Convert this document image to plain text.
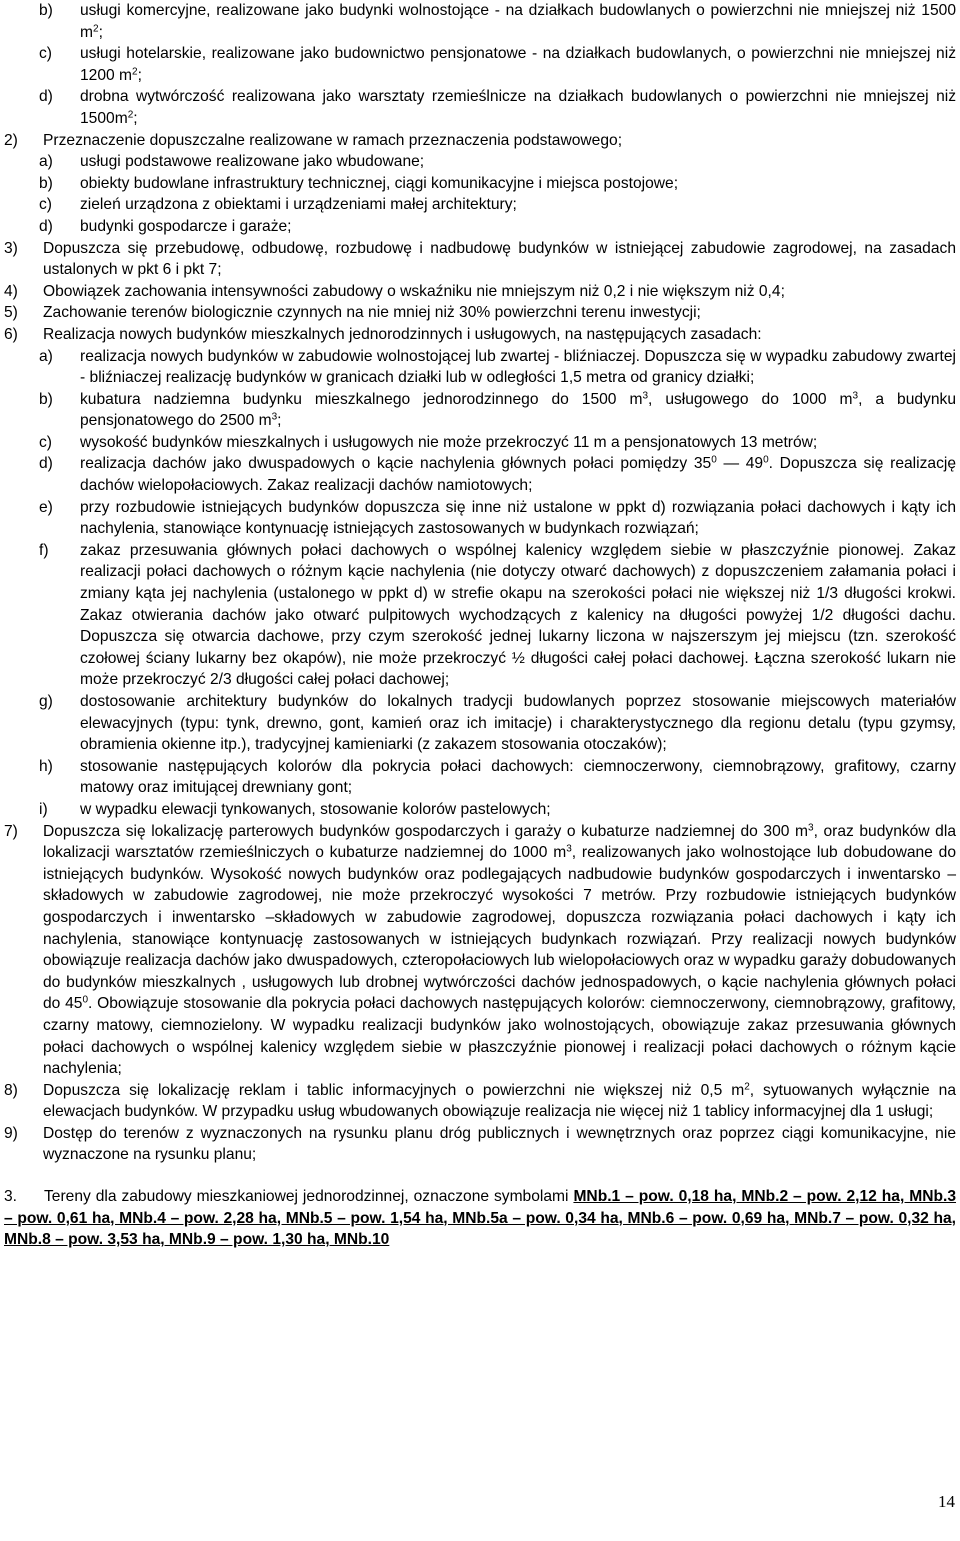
b) usługi komercyjne, realizowane jako budynki wolnostojące - na działkach budowlanych o powierzchni nie mniejszej niż 1500 $m^2$;
c) usługi hotelarskie, realizowane jako budownictwo pensjonatowe - na działkach budowlanych, o powierzchni nie mniejszej niż 1200 $m^2$;
d) drobna wytwórczość realizowana jako warsztaty rzemieślnicze na działkach budowlanych o powierzchni nie mniejszej niż $1500m^2$;
2) Przeznaczenie dopuszczalne realizowane w ramach przeznaczenia podstawowego;
a) usługi podstawowe realizowane jako wbudowane;
b) obiekty budowlane infrastruktury technicznej, ciągi komunikacyjne i miejsca postojowe;
c) zieleń urządzona z obiektami i urządzeniami małej architektury;
d) budynki gospodarcze i garaże;
3) Dopuszcza się przebudowę, odbudowę, rozbudowę i nadbudowę budynków w istniejącej zabudowie zagrodowej, na zasadach ustalonych w pkt 6 i pkt 7;
4) Obowiązek zachowania intensywności zabudowy o wskaźniku nie mniejszym niż 0,2 i nie większym niż 0,4;
5) Zachowanie terenów biologicznie czynnych na nie mniej niż 30% powierzchni terenu inwestycji;
6) Realizacja nowych budynków mieszkalnych jednorodzinnych i usługowych, na następujących zasadach:
a) realizacja nowych budynków w zabudowie wolnostojącej lub zwartej - bliźniaczej. Dopuszcza się w wypadku zabudowy zwartej - bliźniaczej realizację budynków w granicach działki lub w odległości 1,5 metra od granicy działki;
b) kubatura nadziemna budynku mieszkalnego jednorodzinnego do 1500 $m^3$, usługowego do 1000 $m^3$, a budynku pensjonatowego do 2500 $m^3$;
c) wysokość budynków mieszkalnych i usługowych nie może przekroczyć 11 m a pensjonatowych 13 metrów;
d) realizacja dachów jako dwuspadowych o kącie nachylenia głównych połaci pomiędzy $35^0$ — $49^0$. Dopuszcza się realizację dachów wielopołaciowych. Zakaz realizacji dachów namiotowych;
e) przy rozbudowie istniejących budynków dopuszcza się inne niż ustalone w ppkt d) rozwiązania połaci dachowych i kąty ich nachylenia, stanowiące kontynuację istniejących zastosowanych w budynkach rozwiązań;
f) zakaz przesuwania głównych połaci dachowych o wspólnej kalenicy względem siebie w płaszczyźnie pionowej. Zakaz realizacji połaci dachowych o różnym kącie nachylenia (nie dotyczy otwarć dachowych) z dopuszczeniem załamania połaci i zmiany kąta jej nachylenia (ustalonego w ppkt d) w strefie okapu na szerokości połaci nie większej niż 1/3 długości krokwi. Zakaz otwierania dachów jako otwarć pulpitowych wychodzących z kalenicy na długości powyżej 1/2 długości dachu. Dopuszcza się otwarcia dachowe, przy czym szerokość jednej lukarny liczona w najszerszym jej miejscu (tzn. szerokość czołowej ściany lukarny bez okapów), nie może przekroczyć ½ długości całej połaci dachowej. Łączna szerokość lukarn nie może przekroczyć 2/3 długości całej połaci dachowej;
g) dostosowanie architektury budynków do lokalnych tradycji budowlanych poprzez stosowanie miejscowych materiałów elewacyjnych (typu: tynk, drewno, gont, kamień oraz ich imitacje) i charakterystycznego dla regionu detalu (typu gzymsy, obramienia okienne itp.), tradycyjnej kamieniarki (z zakazem stosowania otoczaków);
h) stosowanie następujących kolorów dla pokrycia połaci dachowych: ciemnoczerwony, ciemnobrązowy, grafitowy, czarny matowy oraz imitującej drewniany gont;
i) w wypadku elewacji tynkowanych, stosowanie kolorów pastelowych;
7) Dopuszcza się lokalizację parterowych budynków gospodarczych i garaży o kubaturze nadziemnej do 300 $m^3$, oraz budynków dla lokalizacji warsztatów rzemieślniczych o kubaturze nadziemnej do 1000 $m^3$, realizowanych jako wolnostojące lub dobudowane do istniejących budynków. Wysokość nowych budynków oraz podlegających nadbudowie budynków gospodarczych i inwentarsko – składowych w zabudowie zagrodowej, nie może przekroczyć wysokości 7 metrów. Przy rozbudowie istniejących budynków gospodarczych i inwentarsko –składowych w zabudowie zagrodowej, dopuszcza rozwiązania połaci dachowych i kąty ich nachylenia, stanowiące kontynuację zastosowanych w istniejących budynkach rozwiązań. Przy realizacji nowych budynków obowiązuje realizacja dachów jako dwuspadowych, czteropołaciowych lub wielopołaciowych oraz w wypadku garaży dobudowanych do budynków mieszkalnych , usługowych lub drobnej wytwórczości dachów jednospadowych, o kącie nachylenia głównych połaci do $45^0$. Obowiązuje stosowanie dla pokrycia połaci dachowych następujących kolorów: ciemnoczerwony, ciemnobrązowy, grafitowy, czarny matowy, ciemnozielony. W wypadku realizacji budynków jako wolnostojących, obowiązuje zakaz przesuwania głównych połaci dachowych o wspólnej kalenicy względem siebie w płaszczyźnie pionowej i realizacji połaci dachowych o różnym kącie nachylenia;
8) Dopuszcza się lokalizację reklam i tablic informacyjnych o powierzchni nie większej niż 0,5 $m^2$, sytuowanych wyłącznie na elewacjach budynków. W przypadku usług wbudowanych obowiązuje realizacja nie więcej niż 1 tablicy informacyjnej dla 1 usługi;
9) Dostęp do terenów z wyznaczonych na rysunku planu dróg publicznych i wewnętrznych oraz poprzez ciągi komunikacyjne, nie wyznaczone na rysunku planu;
3. Tereny dla zabudowy mieszkaniowej jednorodzinnej, oznaczone symbolami MNb.1 – pow. 0,18 ha, MNb.2 – pow. 2,12 ha, MNb.3 – pow. 0,61 ha, MNb.4 – pow. 2,28 ha, MNb.5 – pow. 1,54 ha, MNb.5a – pow. 0,34 ha, MNb.6 – pow. 0,69 ha, MNb.7 – pow. 0,32 ha, MNb.8 – pow. 3,53 ha, MNb.9 – pow. 1,30 ha, MNb.10
14
